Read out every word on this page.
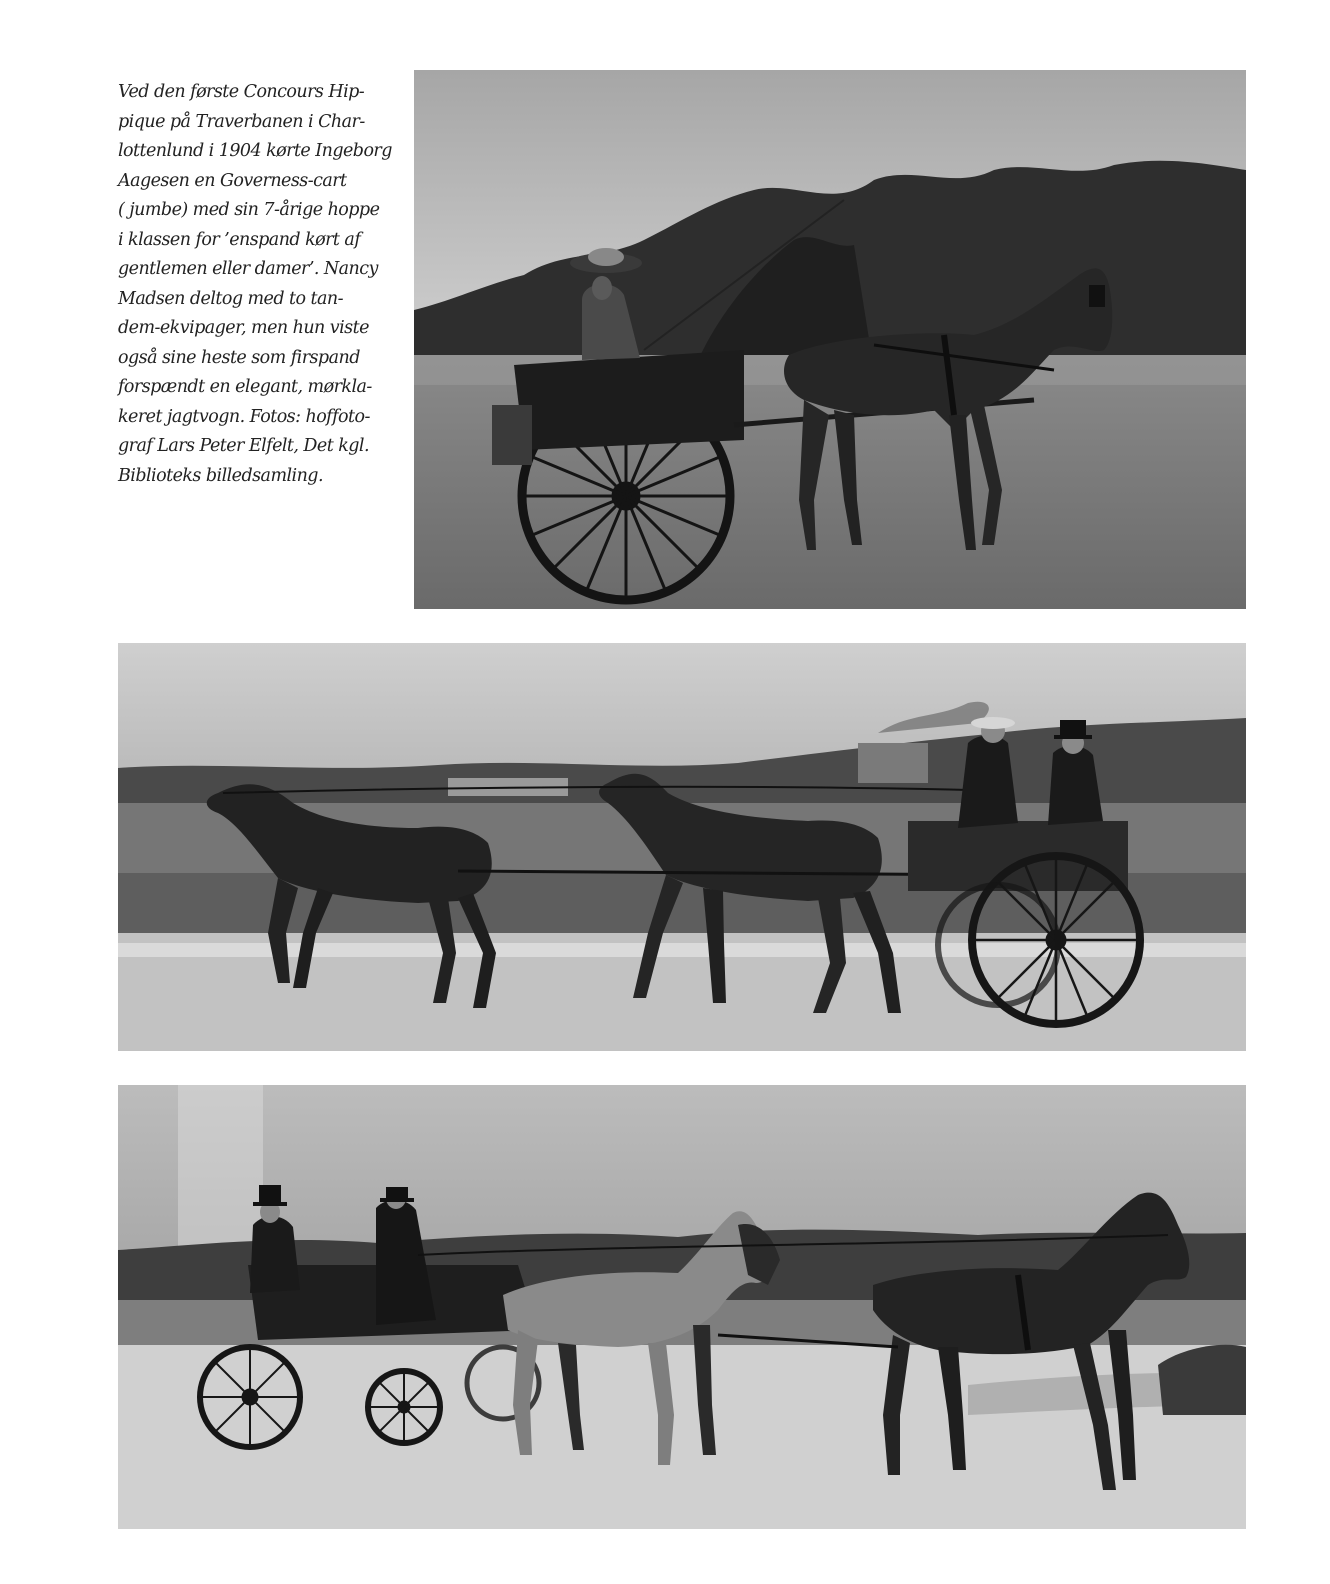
Ved den første Concours Hip-
pique på Traverbanen i Char-
lottenlund i 1904 kørte Ingeborg
Aagesen en Governess-cart
( jumbe) med sin 7-årige hoppe
i klassen for ’enspand kørt af
gentlemen eller damer’. Nancy
Madsen deltog med to tan-
dem-ekvipager, men hun viste
også sine heste som firspand
forspændt en elegant, mørkla-
keret jagtvogn. Fotos: hoffoto-
graf Lars Peter Elfelt, Det kgl.
Biblioteks billedsamling.
